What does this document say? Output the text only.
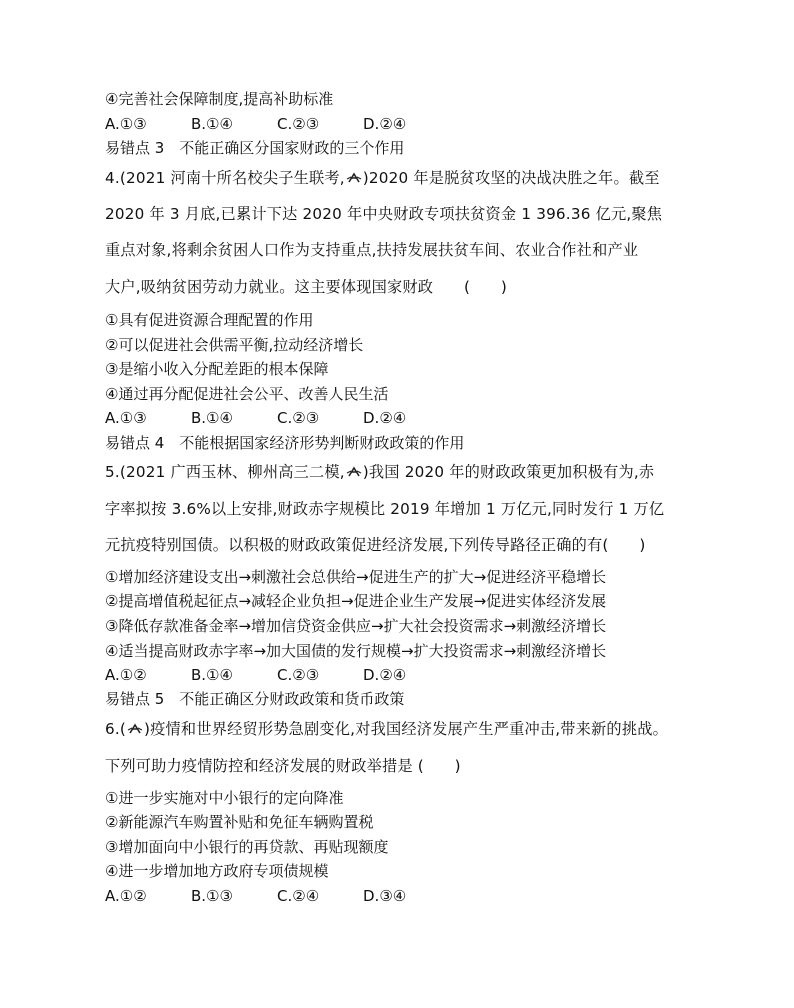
④完善社会保障制度,提高补助标准
A.①③	B.①④	C.②③	D.②④
易错点 3　不能正确区分国家财政的三个作用
4.(2021 河南十所名校尖子生联考, )2020 年是脱贫攻坚的决战决胜之年。截至
2020 年 3 月底,已累计下达 2020 年中央财政专项扶贫资金 1 396.36 亿元,聚焦
重点对象,将剩余贫困人口作为支持重点,扶持发展扶贫车间、农业合作社和产业
大户,吸纳贫困劳动力就业。这主要体现国家财政　　(　　)
①具有促进资源合理配置的作用
②可以促进社会供需平衡,拉动经济增长
③是缩小收入分配差距的根本保障
④通过再分配促进社会公平、改善人民生活
A.①③	B.①④	C.②③	D.②④
易错点 4　不能根据国家经济形势判断财政政策的作用
5.(2021 广西玉林、柳州高三二模, )我国 2020 年的财政政策更加积极有为,赤
字率拟按 3.6%以上安排,财政赤字规模比 2019 年增加 1 万亿元,同时发行 1 万亿
元抗疫特别国债。以积极的财政政策促进经济发展,下列传导路径正确的有(　　)
①增加经济建设支出→刺激社会总供给→促进生产的扩大→促进经济平稳增长
②提高增值税起征点→减轻企业负担→促进企业生产发展→促进实体经济发展
③降低存款准备金率→增加信贷资金供应→扩大社会投资需求→刺激经济增长
④适当提高财政赤字率→加大国债的发行规模→扩大投资需求→刺激经济增长
A.①②	B.①④	C.②③	D.②④
易错点 5　不能正确区分财政政策和货币政策
6.( )疫情和世界经贸形势急剧变化,对我国经济发展产生严重冲击,带来新的挑战。
下列可助力疫情防控和经济发展的财政举措是 (　　)
①进一步实施对中小银行的定向降准
②新能源汽车购置补贴和免征车辆购置税
③增加面向中小银行的再贷款、再贴现额度
④进一步增加地方政府专项债规模
A.①②	B.①③	C.②④	D.③④
